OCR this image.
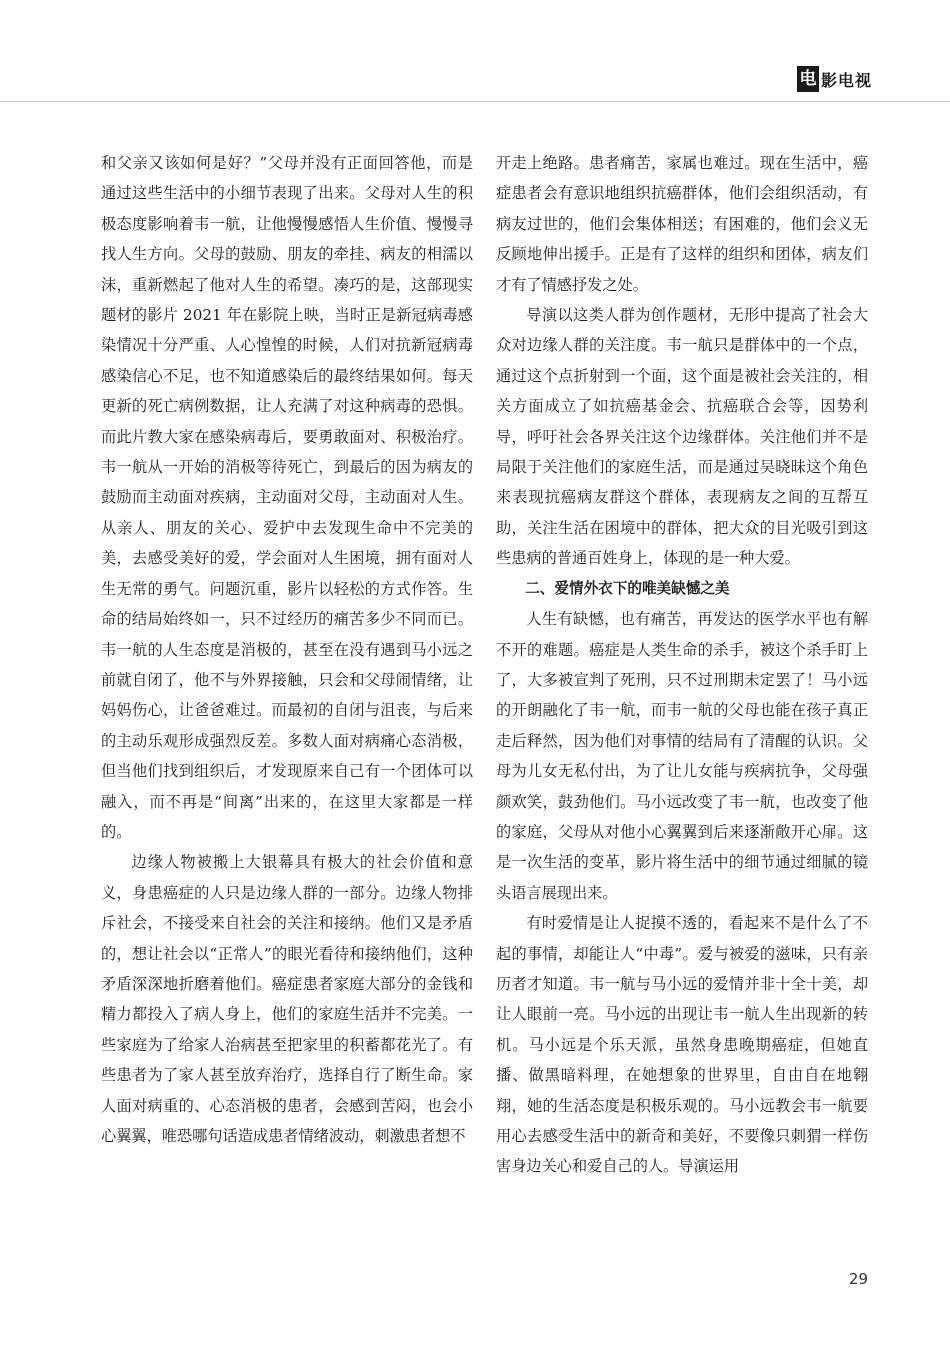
电 影电视

和父亲又该如何是好？”父母并没有正面回答他，而是通过这些生活中的小细节表现了出来。父母对人生的积极态度影响着韦一航，让他慢慢感悟人生价值、慢慢寻找人生方向。父母的鼓励、朋友的牵挂、病友的相濡以沫，重新燃起了他对人生的希望。凑巧的是，这部现实题材的影片 2021 年在影院上映，当时正是新冠病毒感染情况十分严重、人心惶惶的时候，人们对抗新冠病毒感染信心不足，也不知道感染后的最终结果如何。每天更新的死亡病例数据，让人充满了对这种病毒的恐惧。而此片教大家在感染病毒后，要勇敢面对、积极治疗。韦一航从一开始的消极等待死亡，到最后的因为病友的鼓励而主动面对疾病，主动面对父母，主动面对人生。从亲人、朋友的关心、爱护中去发现生命中不完美的美，去感受美好的爱，学会面对人生困境，拥有面对人生无常的勇气。问题沉重，影片以轻松的方式作答。生命的结局始终如一，只不过经历的痛苦多少不同而已。韦一航的人生态度是消极的，甚至在没有遇到马小远之前就自闭了，他不与外界接触，只会和父母闹情绪，让妈妈伤心，让爸爸难过。而最初的自闭与沮丧，与后来的主动乐观形成强烈反差。多数人面对病痛心态消极，但当他们找到组织后，才发现原来自己有一个团体可以融入，而不再是“间离”出来的，在这里大家都是一样的。

边缘人物被搬上大银幕具有极大的社会价值和意义，身患癌症的人只是边缘人群的一部分。边缘人物排斥社会，不接受来自社会的关注和接纳。他们又是矛盾的，想让社会以“正常人”的眼光看待和接纳他们，这种矛盾深深地折磨着他们。癌症患者家庭大部分的金钱和精力都投入了病人身上，他们的家庭生活并不完美。一些家庭为了给家人治病甚至把家里的积蓄都花光了。有些患者为了家人甚至放弃治疗，选择自行了断生命。家人面对病重的、心态消极的患者，会感到苦闷，也会小心翼翼，唯恐哪句话造成患者情绪波动，刺激患者想不

开走上绝路。患者痛苦，家属也难过。现在生活中，癌症患者会有意识地组织抗癌群体，他们会组织活动，有病友过世的，他们会集体相送；有困难的，他们会义无反顾地伸出援手。正是有了这样的组织和团体，病友们才有了情感抒发之处。

导演以这类人群为创作题材，无形中提高了社会大众对边缘人群的关注度。韦一航只是群体中的一个点，通过这个点折射到一个面，这个面是被社会关注的，相关方面成立了如抗癌基金会、抗癌联合会等，因势利导，呼吁社会各界关注这个边缘群体。关注他们并不是局限于关注他们的家庭生活，而是通过吴晓昧这个角色来表现抗癌病友群这个群体，表现病友之间的互帮互助，关注生活在困境中的群体，把大众的目光吸引到这些患病的普通百姓身上，体现的是一种大爱。

二、爱情外衣下的唯美缺憾之美

人生有缺憾，也有痛苦，再发达的医学水平也有解不开的难题。癌症是人类生命的杀手，被这个杀手盯上了，大多被宣判了死刑，只不过刑期未定罢了！马小远的开朗融化了韦一航，而韦一航的父母也能在孩子真正走后释然，因为他们对事情的结局有了清醒的认识。父母为儿女无私付出，为了让儿女能与疾病抗争，父母强颜欢笑，鼓劲他们。马小远改变了韦一航，也改变了他的家庭，父母从对他小心翼翼到后来逐渐敞开心扉。这是一次生活的变革，影片将生活中的细节通过细腻的镜头语言展现出来。

有时爱情是让人捉摸不透的，看起来不是什么了不起的事情，却能让人“中毒”。爱与被爱的滋味，只有亲历者才知道。韦一航与马小远的爱情并非十全十美，却让人眼前一亮。马小远的出现让韦一航人生出现新的转机。马小远是个乐天派，虽然身患晚期癌症，但她直播、做黑暗料理，在她想象的世界里，自由自在地翱翔，她的生活态度是积极乐观的。马小远教会韦一航要用心去感受生活中的新奇和美好，不要像只刺猬一样伤害身边关心和爱自己的人。导演运用

29
